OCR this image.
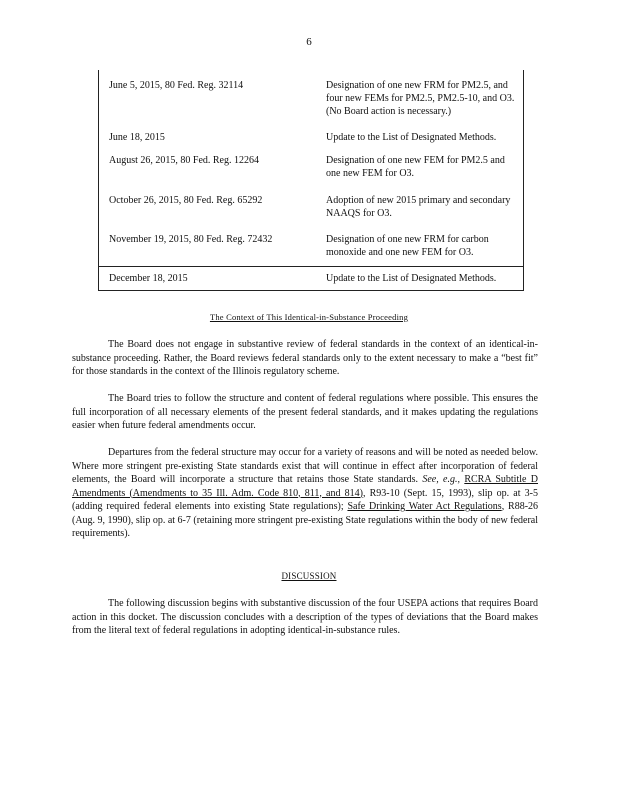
6
June 5, 2015, 80 Fed. Reg. 32114	Designation of one new FRM for PM2.5, and four new FEMs for PM2.5, PM2.5-10, and O3. (No Board action is necessary.)
June 18, 2015	Update to the List of Designated Methods.
August 26, 2015, 80 Fed. Reg. 12264	Designation of one new FEM for PM2.5 and one new FEM for O3.
October 26, 2015, 80 Fed. Reg. 65292	Adoption of new 2015 primary and secondary NAAQS for O3.
November 19, 2015, 80 Fed. Reg. 72432	Designation of one new FRM for carbon monoxide and one new FEM for O3.
December 18, 2015	Update to the List of Designated Methods.
The Context of This Identical-in-Substance Proceeding

The Board does not engage in substantive review of federal standards in the context of an identical-in-substance proceeding. Rather, the Board reviews federal standards only to the extent necessary to make a “best fit” for those standards in the context of the Illinois regulatory scheme.

The Board tries to follow the structure and content of federal regulations where possible. This ensures the full incorporation of all necessary elements of the present federal standards, and it makes updating the regulations easier when future federal amendments occur.

Departures from the federal structure may occur for a variety of reasons and will be noted as needed below. Where more stringent pre-existing State standards exist that will continue in effect after incorporation of federal elements, the Board will incorporate a structure that retains those State standards. See, e.g., RCRA Subtitle D Amendments (Amendments to 35 Ill. Adm. Code 810, 811, and 814), R93-10 (Sept. 15, 1993), slip op. at 3-5 (adding required federal elements into existing State regulations); Safe Drinking Water Act Regulations, R88-26 (Aug. 9, 1990), slip op. at 6-7 (retaining more stringent pre-existing State regulations within the body of new federal requirements).

DISCUSSION

The following discussion begins with substantive discussion of the four USEPA actions that requires Board action in this docket. The discussion concludes with a description of the types of deviations that the Board makes from the literal text of federal regulations in adopting identical-in-substance rules.
